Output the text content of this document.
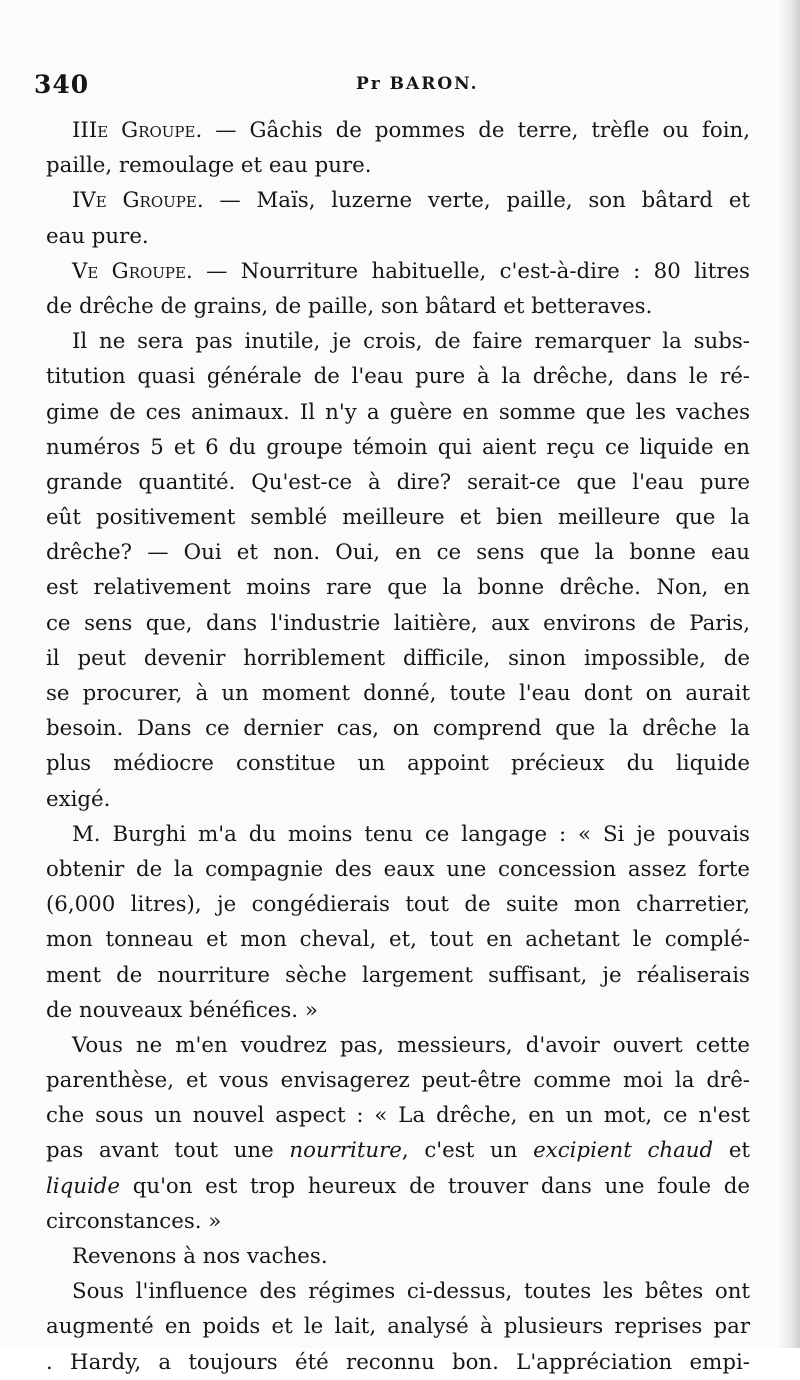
340	Pr BARON.
IIIe Groupe. — Gâchis de pommes de terre, trèfle ou foin,
paille, remoulage et eau pure.
IVe Groupe. — Maïs, luzerne verte, paille, son bâtard et
eau pure.
Ve Groupe. — Nourriture habituelle, c'est-à-dire : 80 litres
de drêche de grains, de paille, son bâtard et betteraves.
Il ne sera pas inutile, je crois, de faire remarquer la subs-
titution quasi générale de l'eau pure à la drêche, dans le ré-
gime de ces animaux. Il n'y a guère en somme que les vaches
numéros 5 et 6 du groupe témoin qui aient reçu ce liquide en
grande quantité. Qu'est-ce à dire? serait-ce que l'eau pure
eût positivement semblé meilleure et bien meilleure que la
drêche? — Oui et non. Oui, en ce sens que la bonne eau
est relativement moins rare que la bonne drêche. Non, en
ce sens que, dans l'industrie laitière, aux environs de Paris,
il peut devenir horriblement difficile, sinon impossible, de
se procurer, à un moment donné, toute l'eau dont on aurait
besoin. Dans ce dernier cas, on comprend que la drêche la
plus médiocre constitue un appoint précieux du liquide
exigé.
M. Burghi m'a du moins tenu ce langage : « Si je pouvais
obtenir de la compagnie des eaux une concession assez forte
(6,000 litres), je congédierais tout de suite mon charretier,
mon tonneau et mon cheval, et, tout en achetant le complé-
ment de nourriture sèche largement suffisant, je réaliserais
de nouveaux bénéfices. »
Vous ne m'en voudrez pas, messieurs, d'avoir ouvert cette
parenthèse, et vous envisagerez peut-être comme moi la drê-
che sous un nouvel aspect : « La drêche, en un mot, ce n'est
pas avant tout une nourriture, c'est un excipient chaud et
liquide qu'on est trop heureux de trouver dans une foule de
circonstances. »
Revenons à nos vaches.
Sous l'influence des régimes ci-dessus, toutes les bêtes ont
augmenté en poids et le lait, analysé à plusieurs reprises par
. Hardy, a toujours été reconnu bon. L'appréciation empi-
